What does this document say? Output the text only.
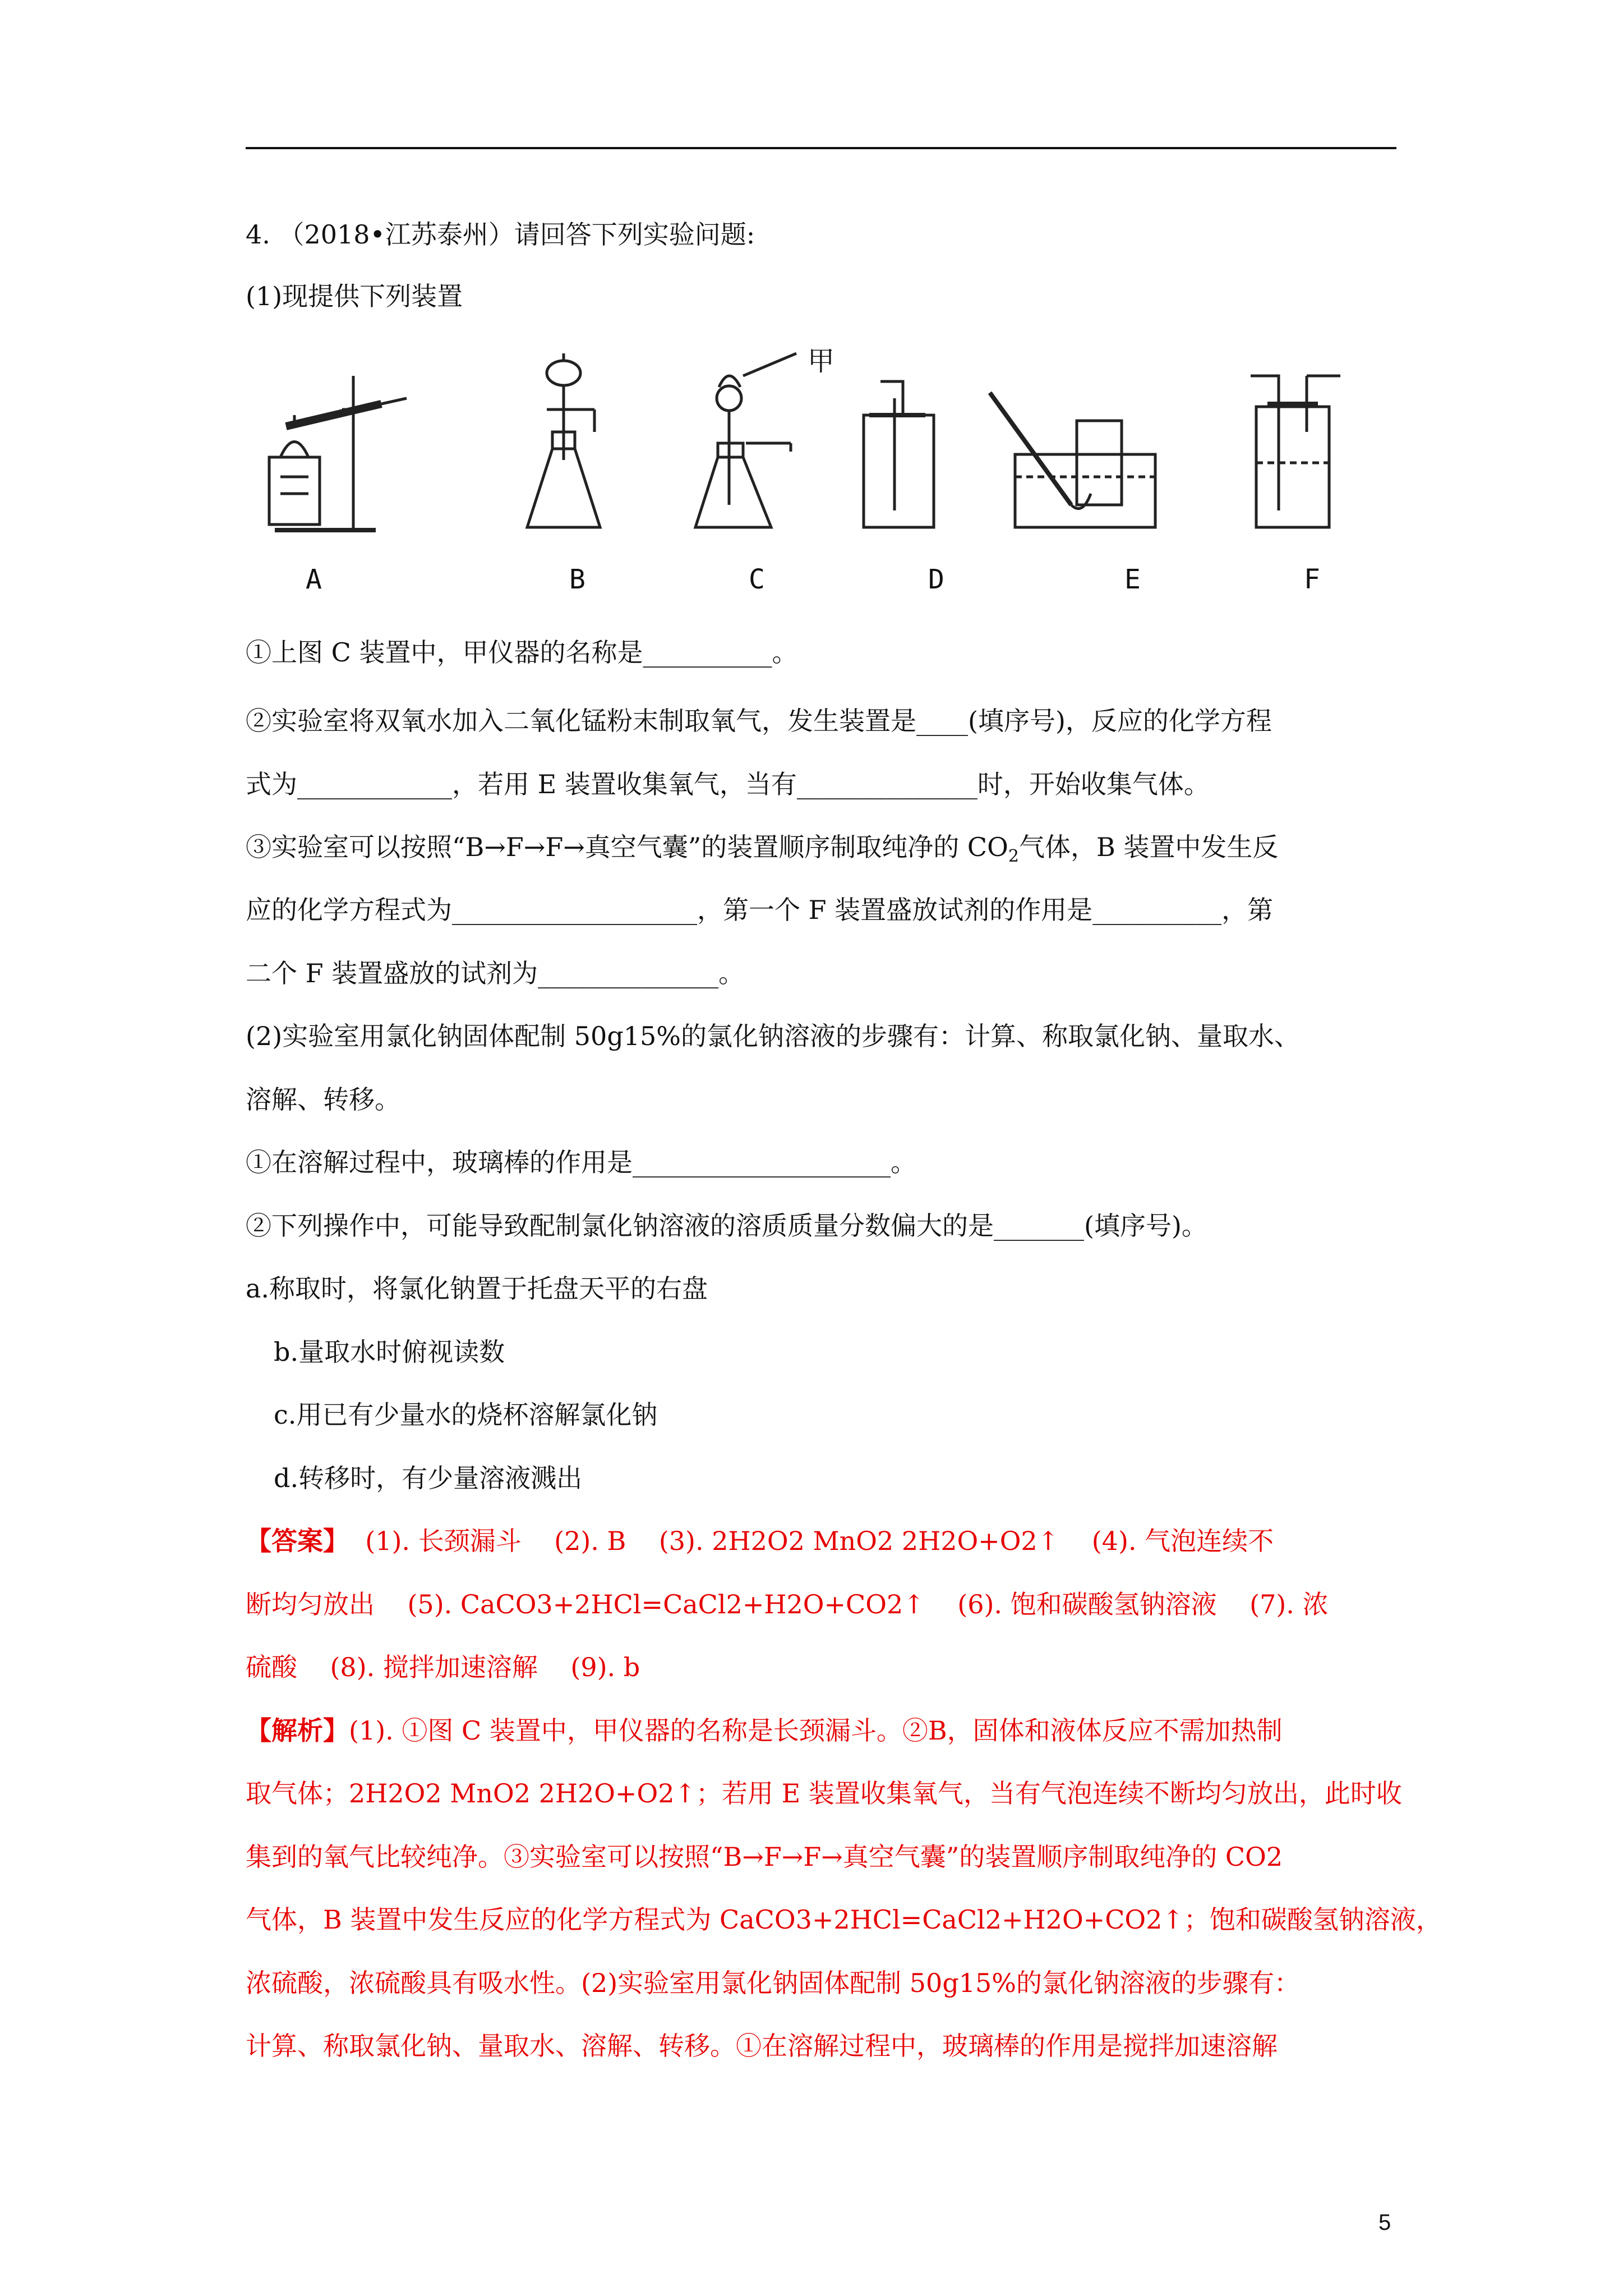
4. （2018•江苏泰州）请回答下列实验问题:
(1)现提供下列装置
A	B	C	D	E	F
甲
①上图 C 装置中，甲仪器的名称是__________。
②实验室将双氧水加入二氧化锰粉末制取氧气，发生装置是____(填序号)，反应的化学方程
式为____________，若用 E 装置收集氧气，当有______________时，开始收集气体。
③实验室可以按照“B→F→F→真空气囊”的装置顺序制取纯净的 $CO_2$气体，B 装置中发生反
应的化学方程式为___________________，第一个 F 装置盛放试剂的作用是__________，第
二个 F 装置盛放的试剂为______________。
(2)实验室用氯化钠固体配制 50g15%的氯化钠溶液的步骤有：计算、称取氯化钠、量取水、
溶解、转移。
①在溶解过程中，玻璃棒的作用是____________________。
②下列操作中，可能导致配制氯化钠溶液的溶质质量分数偏大的是_______(填序号)。
a.称取时，将氯化钠置于托盘天平的右盘
b.量取水时俯视读数
c.用已有少量水的烧杯溶解氯化钠
d.转移时，有少量溶液溅出
【答案】 (1). 长颈漏斗    (2). B    (3). 2H2O2 MnO2 2H2O+O2↑    (4). 气泡连续不
断均匀放出    (5). CaCO3+2HCl=CaCl2+H2O+CO2↑    (6). 饱和碳酸氢钠溶液    (7). 浓
硫酸    (8). 搅拌加速溶解    (9). b
【解析】(1). ①图 C 装置中，甲仪器的名称是长颈漏斗。②B，固体和液体反应不需加热制
取气体；2H2O2 MnO2 2H2O+O2↑；若用 E 装置收集氧气，当有气泡连续不断均匀放出，此时收
集到的氧气比较纯净。③实验室可以按照“B→F→F→真空气囊”的装置顺序制取纯净的 CO2
气体，B 装置中发生反应的化学方程式为 CaCO3+2HCl=CaCl2+H2O+CO2↑；饱和碳酸氢钠溶液，
浓硫酸，浓硫酸具有吸水性。(2)实验室用氯化钠固体配制 50g15%的氯化钠溶液的步骤有：
计算、称取氯化钠、量取水、溶解、转移。①在溶解过程中，玻璃棒的作用是搅拌加速溶解
5
